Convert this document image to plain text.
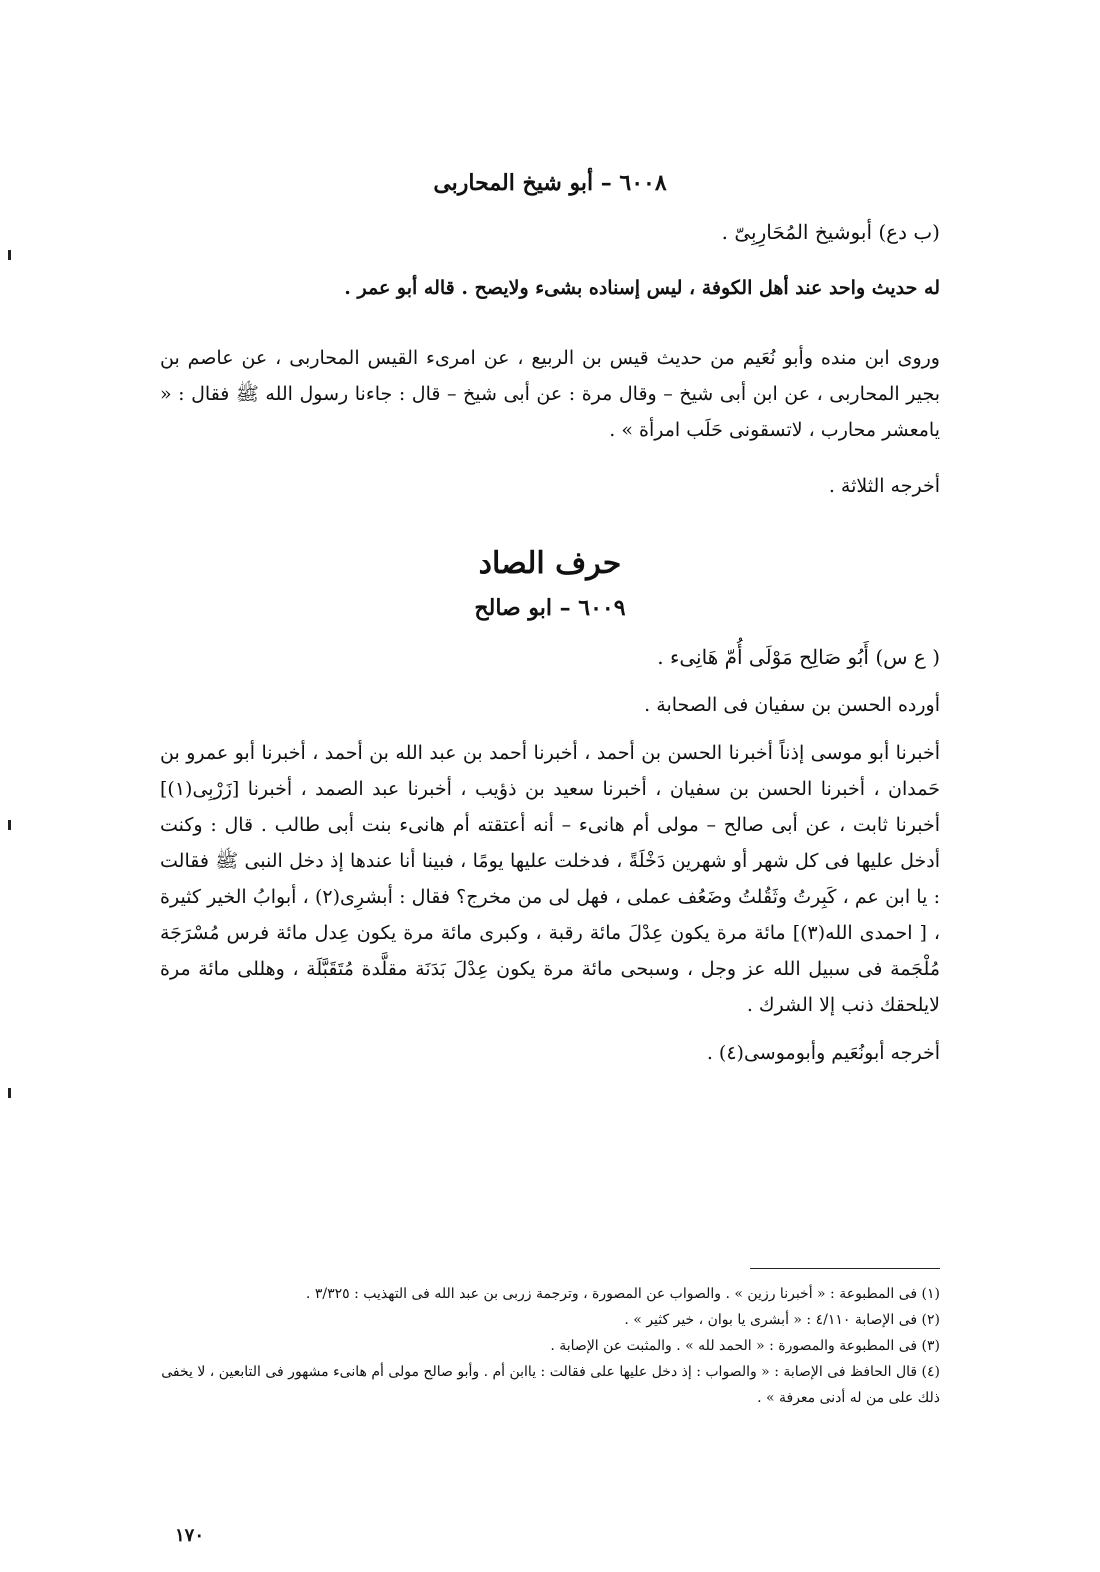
٦٠٠٨ – أبو شيخ المحاربى

(ب دع) أبوشيخ المُحَارِبِىّ .

له حديث واحد عند أهل الكوفة ، ليس إسناده بشىء ولايصح . قاله أبو عمر .

وروى ابن منده وأبو نُعَيم من حديث قيس بن الربيع ، عن امرىء القيس المحاربى ، عن عاصم بن بجير المحاربى ، عن ابن أبى شيخ – وقال مرة : عن أبى شيخ – قال : جاءنا رسول الله ﷺ فقال : « يامعشر محارب ، لاتسقونى حَلَب امرأة » .

أخرجه الثلاثة .

حرف الصاد
٦٠٠٩ – ابو صالح

( ع س) أَبُو صَالِح مَوْلَى أُمّ هَانِىء .

أورده الحسن بن سفيان فى الصحابة .

أخبرنا أبو موسى إذناً أخبرنا الحسن بن أحمد ، أخبرنا أحمد بن عبد الله بن أحمد ، أخبرنا أبو عمرو بن حَمدان ، أخبرنا الحسن بن سفيان ، أخبرنا سعيد بن ذؤيب ، أخبرنا عبد الصمد ، أخبرنا [زَرْبِى(١)] أخبرنا ثابت ، عن أبى صالح – مولى أم هانىء – أنه أعتقته أم هانىء بنت أبى طالب . قال : وكنت أدخل عليها فى كل شهر أو شهرين دَخْلَةً ، فدخلت عليها يومًا ، فبينا أنا عندها إذ دخل النبى ﷺ فقالت : يا ابن عم ، كَبِرتُ وثَقُلتُ وضَعُف عملى ، فهل لى من مخرج؟ فقال : أبشرِى(٢) ، أبوابُ الخير كثيرة ، [ احمدى الله(٣)] مائة مرة يكون عِدْلَ مائة رقبة ، وكبرى مائة مرة يكون عِدل مائة فرس مُسْرَجَة مُلْجَمة فى سبيل الله عز وجل ، وسبحى مائة مرة يكون عِدْلَ بَدَنَة مقلَّدة مُتَقَبَّلَة ، وهللى مائة مرة لايلحقك ذنب إلا الشرك .

أخرجه أبونُعَيم وأبوموسى(٤) .

١٧٠

(١) فى المطبوعة : « أخبرنا رزين » . والصواب عن المصورة ، وترجمة زربى بن عبد الله فى التهذيب : ٣/٣٢٥ .

(٢) فى الإصابة ٤/١١٠ : « أبشرى يا بوان ، خير كثير » .

(٣) فى المطبوعة والمصورة : « الحمد لله » . والمثبت عن الإصابة .

(٤) قال الحافظ فى الإصابة : « والصواب : إذ دخل عليها على فقالت : ياابن أم . وأبو صالح مولى أم هانىء مشهور فى التابعين ، لا يخفى ذلك على من له أدنى معرفة » .
